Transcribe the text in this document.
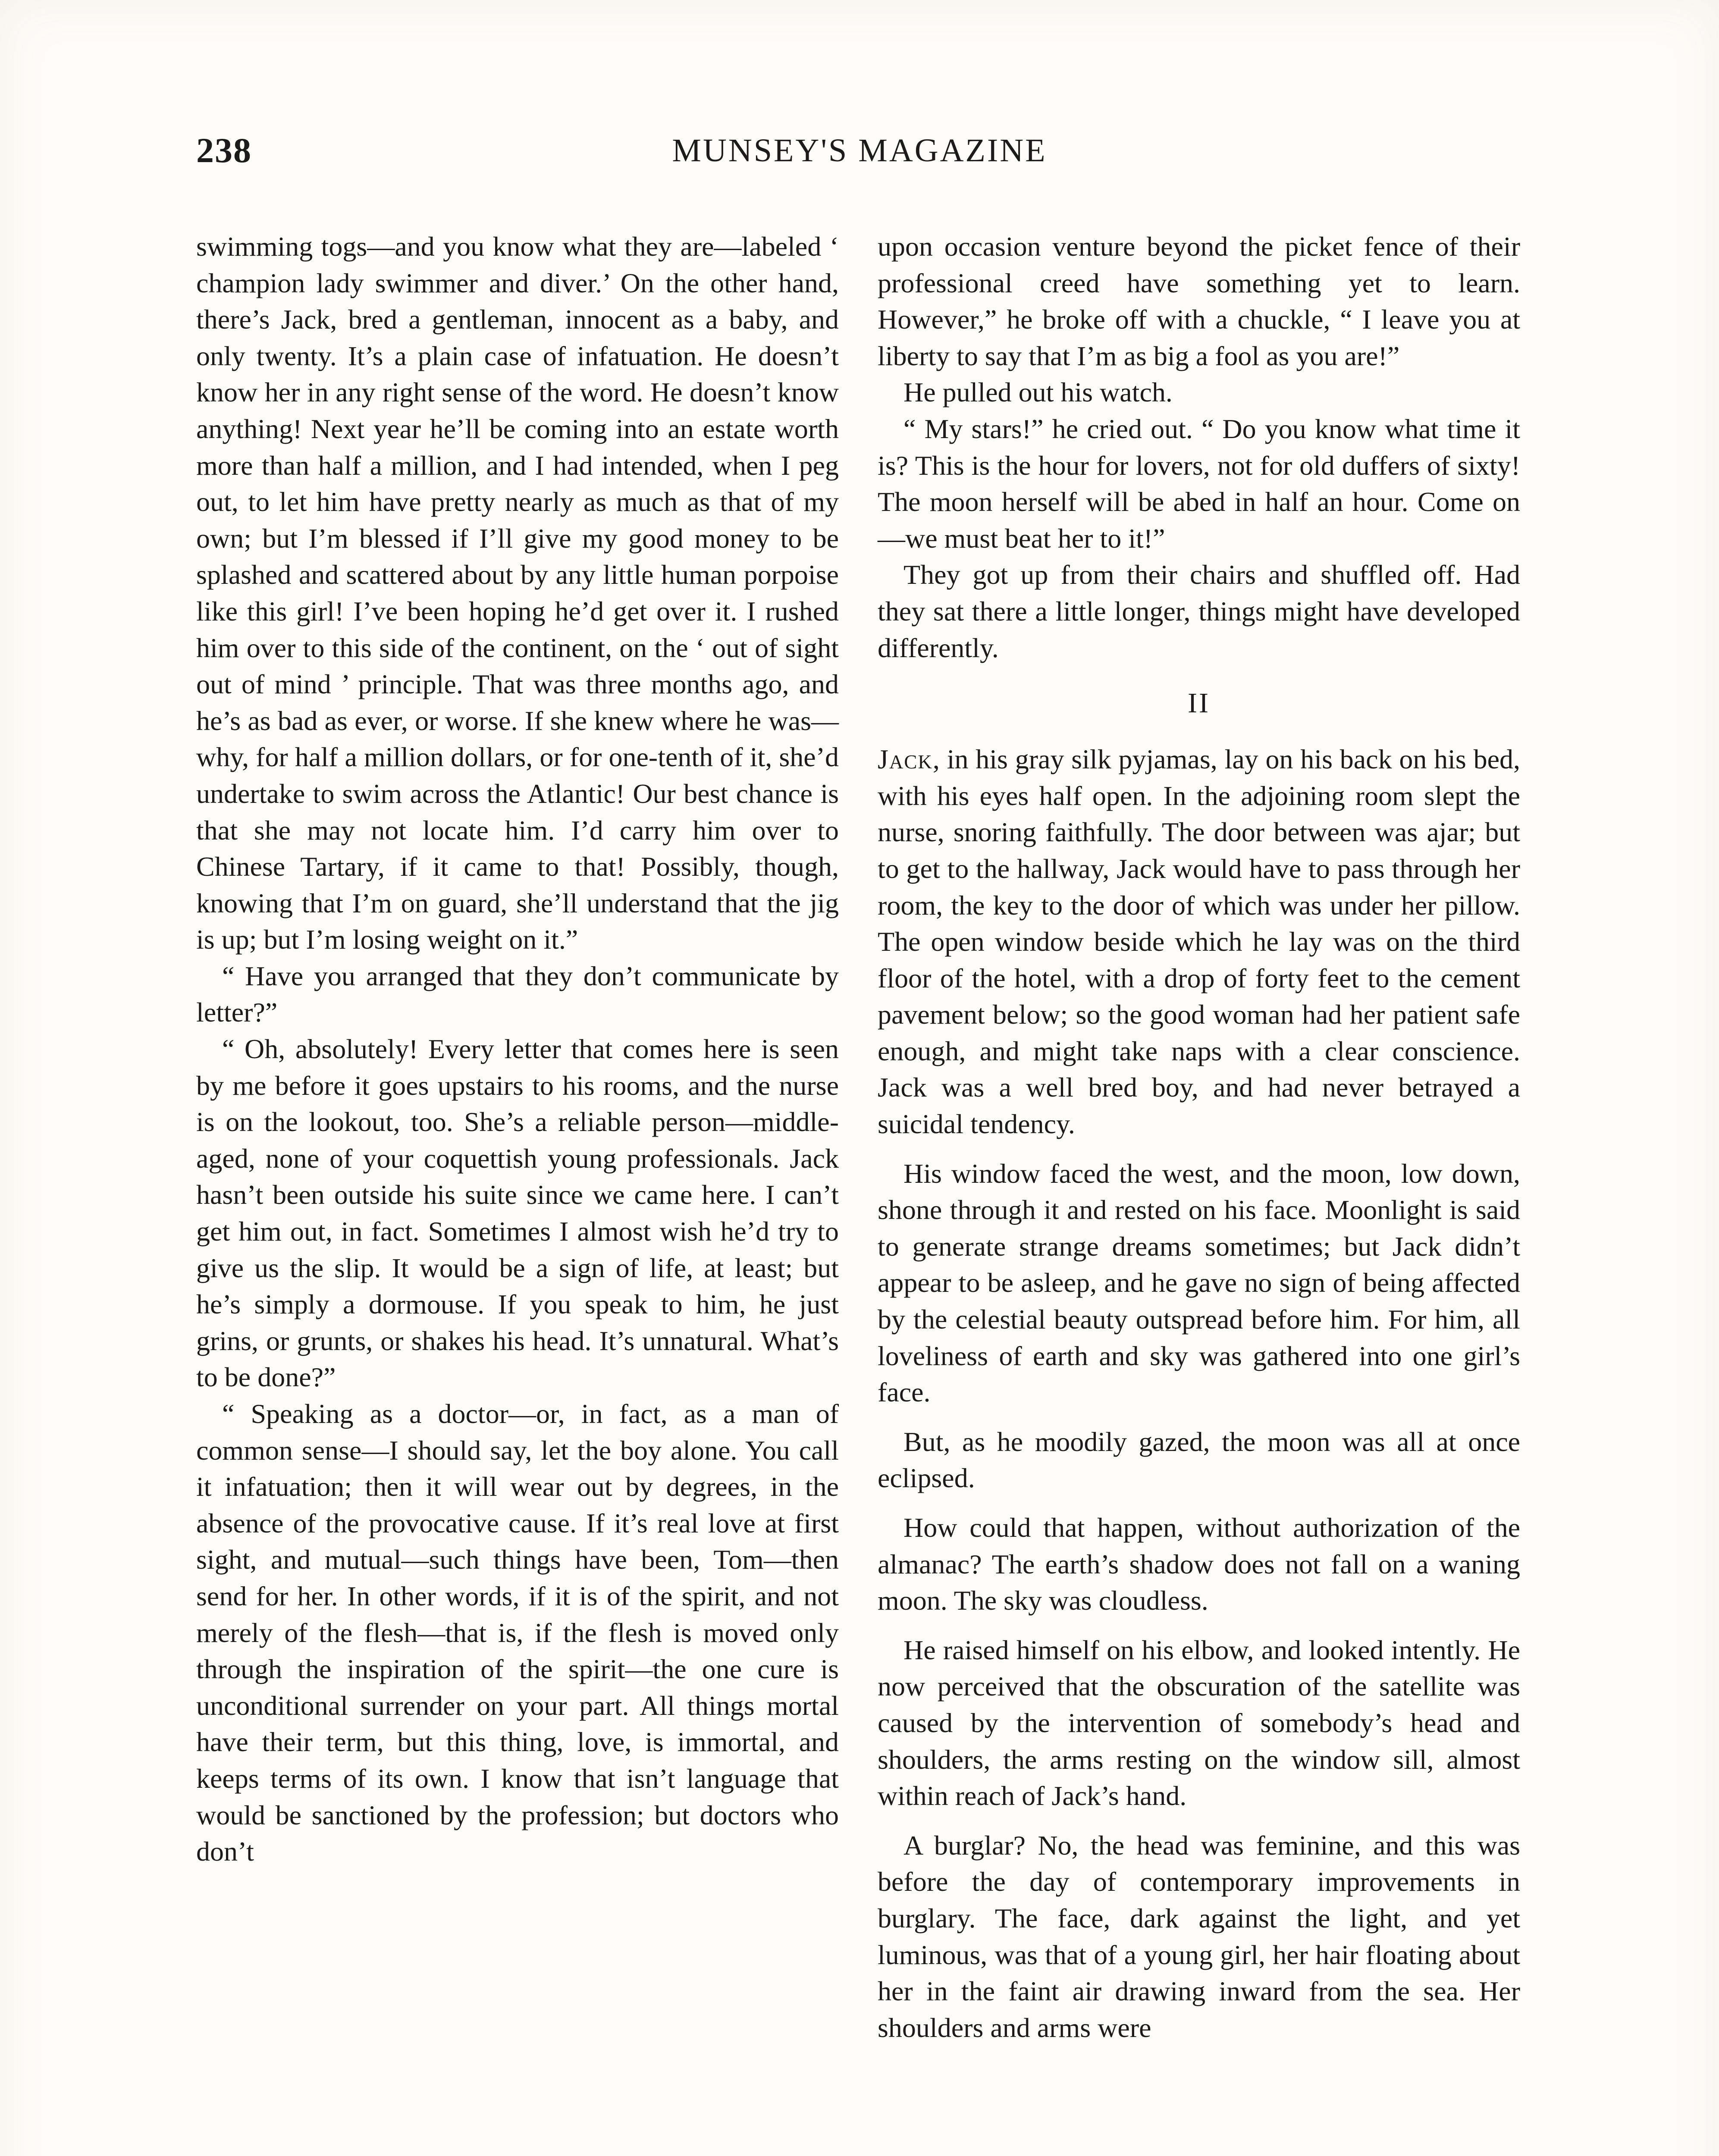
238	MUNSEY'S MAGAZINE

swimming togs—and you know what they are—labeled ‘ champion lady swimmer and diver.’ On the other hand, there’s Jack, bred a gentleman, innocent as a baby, and only twenty. It’s a plain case of infatuation. He doesn’t know her in any right sense of the word. He doesn’t know anything! Next year he’ll be coming into an estate worth more than half a million, and I had intended, when I peg out, to let him have pretty nearly as much as that of my own; but I’m blessed if I’ll give my good money to be splashed and scattered about by any little human porpoise like this girl! I’ve been hoping he’d get over it. I rushed him over to this side of the continent, on the ‘ out of sight out of mind ’ principle. That was three months ago, and he’s as bad as ever, or worse. If she knew where he was—why, for half a million dollars, or for one-tenth of it, she’d undertake to swim across the Atlantic! Our best chance is that she may not locate him. I’d carry him over to Chinese Tartary, if it came to that! Possibly, though, knowing that I’m on guard, she’ll understand that the jig is up; but I’m losing weight on it.”

“ Have you arranged that they don’t communicate by letter?”

“ Oh, absolutely! Every letter that comes here is seen by me before it goes upstairs to his rooms, and the nurse is on the lookout, too. She’s a reliable person—middle-aged, none of your coquettish young professionals. Jack hasn’t been outside his suite since we came here. I can’t get him out, in fact. Sometimes I almost wish he’d try to give us the slip. It would be a sign of life, at least; but he’s simply a dormouse. If you speak to him, he just grins, or grunts, or shakes his head. It’s unnatural. What’s to be done?”

“ Speaking as a doctor—or, in fact, as a man of common sense—I should say, let the boy alone. You call it infatuation; then it will wear out by degrees, in the absence of the provocative cause. If it’s real love at first sight, and mutual—such things have been, Tom—then send for her. In other words, if it is of the spirit, and not merely of the flesh—that is, if the flesh is moved only through the inspiration of the spirit—the one cure is unconditional surrender on your part. All things mortal have their term, but this thing, love, is immortal, and keeps terms of its own. I know that isn’t language that would be sanctioned by the profession; but doctors who don’t

upon occasion venture beyond the picket fence of their professional creed have something yet to learn. However,” he broke off with a chuckle, “ I leave you at liberty to say that I’m as big a fool as you are!”

He pulled out his watch.

“ My stars!” he cried out. “ Do you know what time it is? This is the hour for lovers, not for old duffers of sixty! The moon herself will be abed in half an hour. Come on—we must beat her to it!”

They got up from their chairs and shuffled off. Had they sat there a little longer, things might have developed differently.

II

Jack, in his gray silk pyjamas, lay on his back on his bed, with his eyes half open. In the adjoining room slept the nurse, snoring faithfully. The door between was ajar; but to get to the hallway, Jack would have to pass through her room, the key to the door of which was under her pillow. The open window beside which he lay was on the third floor of the hotel, with a drop of forty feet to the cement pavement below; so the good woman had her patient safe enough, and might take naps with a clear conscience. Jack was a well bred boy, and had never betrayed a suicidal tendency.

His window faced the west, and the moon, low down, shone through it and rested on his face. Moonlight is said to generate strange dreams sometimes; but Jack didn’t appear to be asleep, and he gave no sign of being affected by the celestial beauty outspread before him. For him, all loveliness of earth and sky was gathered into one girl’s face.

But, as he moodily gazed, the moon was all at once eclipsed.

How could that happen, without authorization of the almanac? The earth’s shadow does not fall on a waning moon. The sky was cloudless.

He raised himself on his elbow, and looked intently. He now perceived that the obscuration of the satellite was caused by the intervention of somebody’s head and shoulders, the arms resting on the window sill, almost within reach of Jack’s hand.

A burglar? No, the head was feminine, and this was before the day of contemporary improvements in burglary. The face, dark against the light, and yet luminous, was that of a young girl, her hair floating about her in the faint air drawing inward from the sea. Her shoulders and arms were
